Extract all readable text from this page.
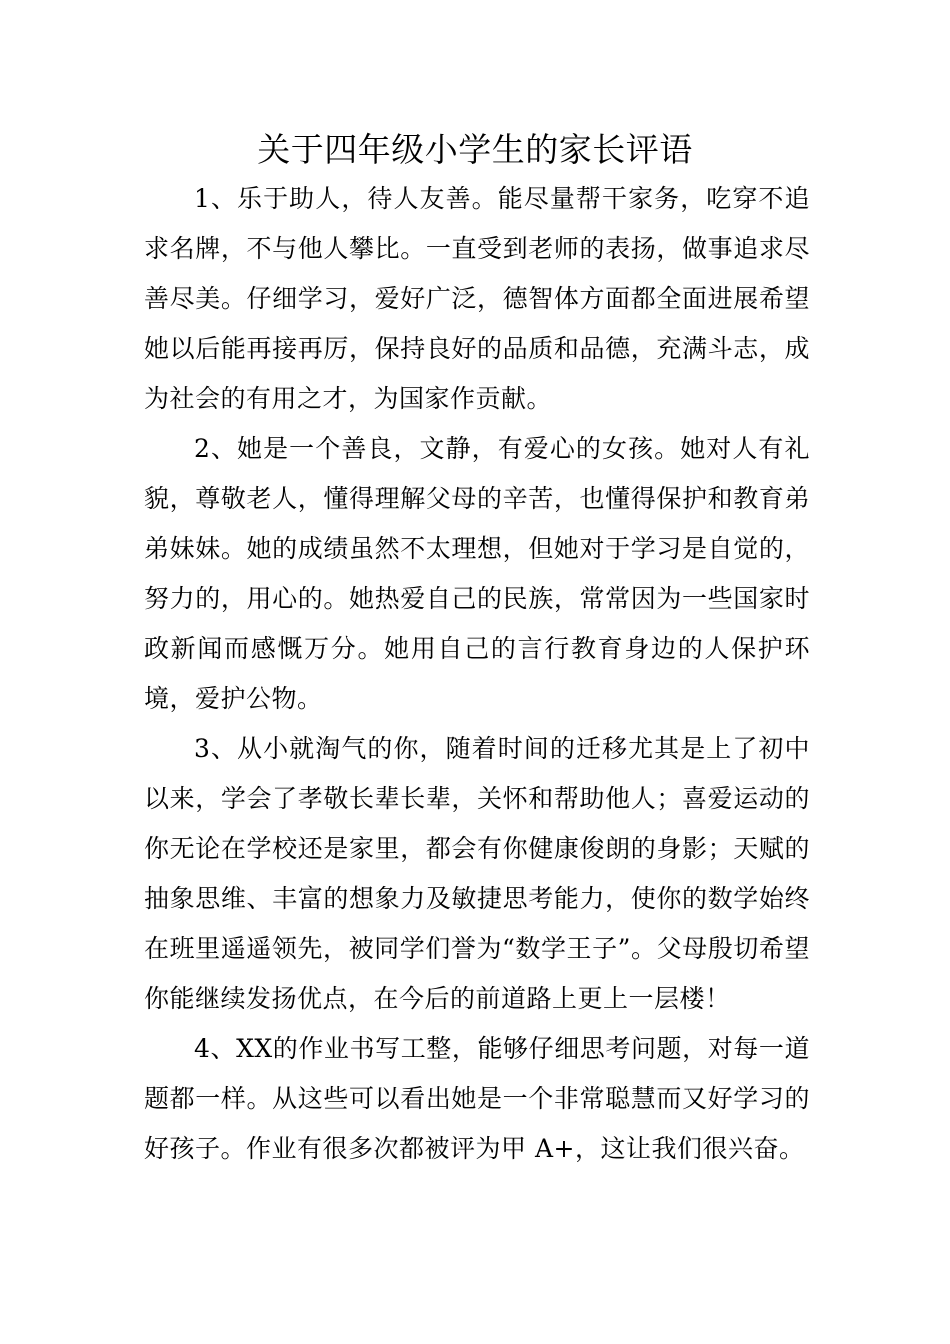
关于四年级小学生的家长评语

1、乐于助人，待人友善。能尽量帮干家务，吃穿不追求名牌，不与他人攀比。一直受到老师的表扬，做事追求尽善尽美。仔细学习，爱好广泛，德智体方面都全面进展希望她以后能再接再厉，保持良好的品质和品德，充满斗志，成为社会的有用之才，为国家作贡献。

2、她是一个善良，文静，有爱心的女孩。她对人有礼貌，尊敬老人，懂得理解父母的辛苦，也懂得保护和教育弟弟妹妹。她的成绩虽然不太理想，但她对于学习是自觉的，努力的，用心的。她热爱自己的民族，常常因为一些国家时政新闻而感慨万分。她用自己的言行教育身边的人保护环境，爱护公物。

3、从小就淘气的你，随着时间的迁移尤其是上了初中以来，学会了孝敬长辈长辈，关怀和帮助他人；喜爱运动的你无论在学校还是家里，都会有你健康俊朗的身影；天赋的抽象思维、丰富的想象力及敏捷思考能力，使你的数学始终在班里遥遥领先，被同学们誉为“数学王子”。父母殷切希望你能继续发扬优点，在今后的前道路上更上一层楼！

4、XX的作业书写工整，能够仔细思考问题，对每一道题都一样。从这些可以看出她是一个非常聪慧而又好学习的好孩子。作业有很多次都被评为甲 A+，这让我们很兴奋。
